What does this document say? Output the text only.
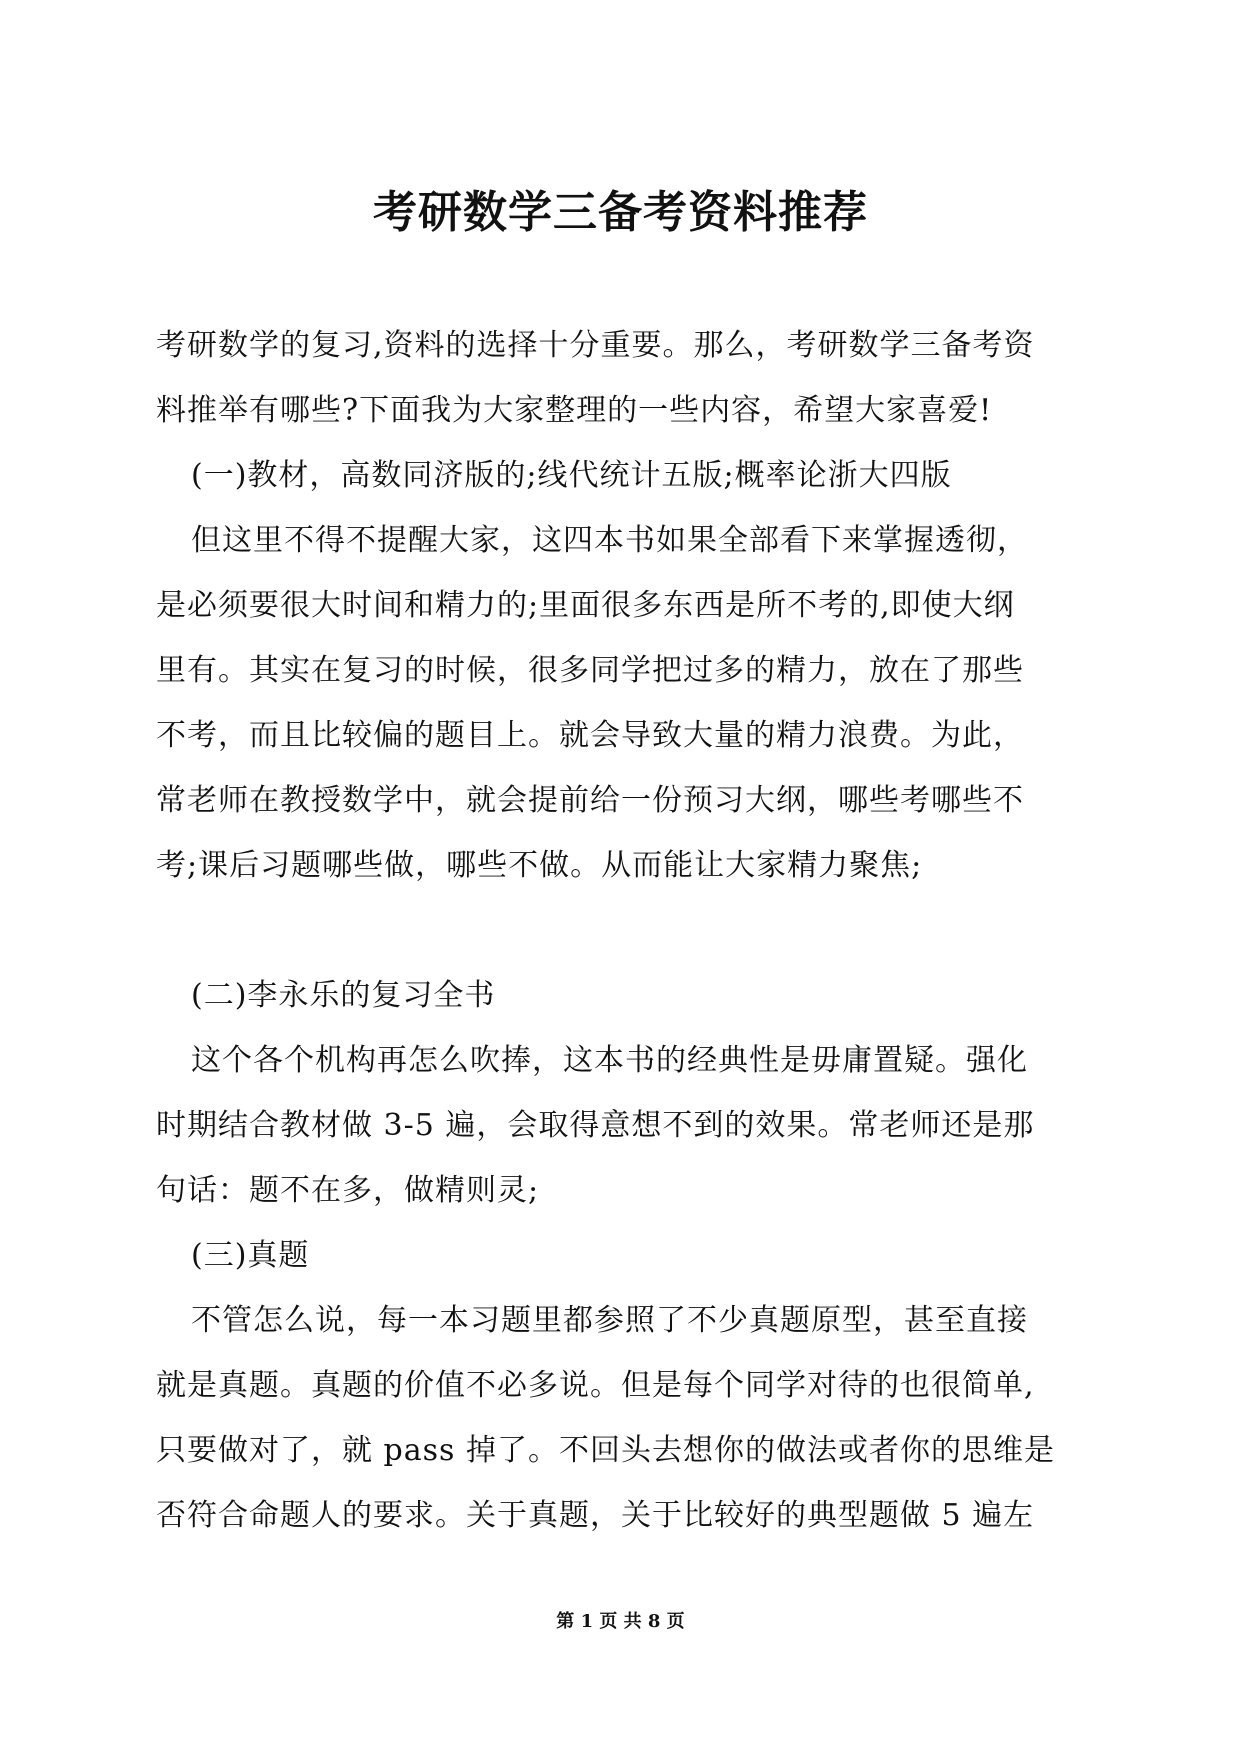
考研数学三备考资料推荐
考研数学的复习,资料的选择十分重要。那么，考研数学三备考资
料推举有哪些?下面我为大家整理的一些内容，希望大家喜爱!
(一)教材，高数同济版的;线代统计五版;概率论浙大四版
但这里不得不提醒大家，这四本书如果全部看下来掌握透彻，
是必须要很大时间和精力的;里面很多东西是所不考的,即使大纲
里有。其实在复习的时候，很多同学把过多的精力，放在了那些
不考，而且比较偏的题目上。就会导致大量的精力浪费。为此，
常老师在教授数学中，就会提前给一份预习大纲，哪些考哪些不
考;课后习题哪些做，哪些不做。从而能让大家精力聚焦;
(二)李永乐的复习全书
这个各个机构再怎么吹捧，这本书的经典性是毋庸置疑。强化
时期结合教材做 3-5 遍，会取得意想不到的效果。常老师还是那
句话：题不在多，做精则灵;
(三)真题
不管怎么说，每一本习题里都参照了不少真题原型，甚至直接
就是真题。真题的价值不必多说。但是每个同学对待的也很简单,
只要做对了，就 pass 掉了。不回头去想你的做法或者你的思维是
否符合命题人的要求。关于真题，关于比较好的典型题做 5 遍左
第 1 页 共 8 页
